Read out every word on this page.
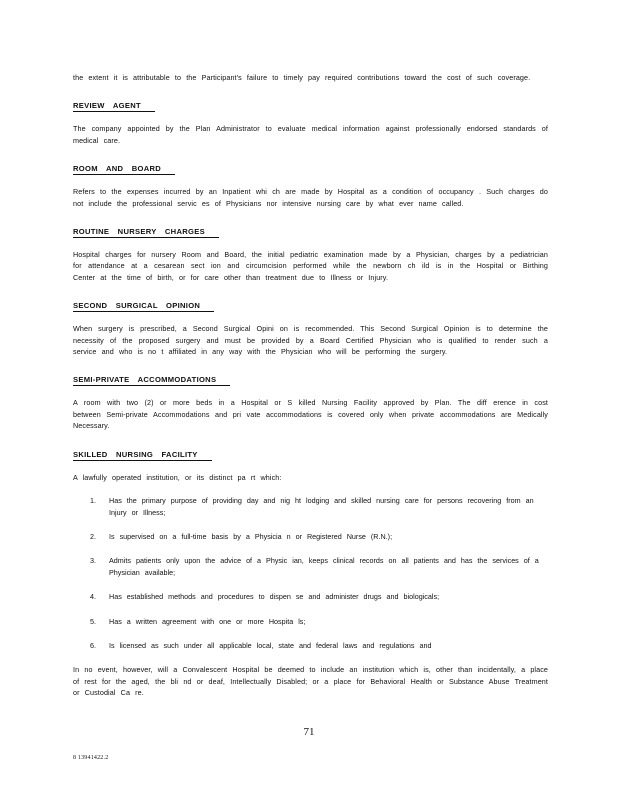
the extent it is attributable to the Participant's failure to timely pay required contributions toward the cost of such coverage.

REVIEW AGENT

The company appointed by the Plan Administrator to evaluate medical information against professionally endorsed standards of medical care.

ROOM AND BOARD

Refers to the expenses incurred by an Inpatient whi ch are made by Hospital as a condition of occupancy . Such charges do not include the professional servic es of Physicians nor intensive nursing care by what ever name called.

ROUTINE NURSERY CHARGES

Hospital charges for nursery Room and Board, the initial pediatric examination made by a Physician, charges by a pediatrician for attendance at a cesarean sect ion and circumcision performed while the newborn ch ild is in the Hospital or Birthing Center at the time of birth, or for care other than treatment due to Illness or Injury.

SECOND SURGICAL OPINION

When surgery is prescribed, a Second Surgical Opini on is recommended. This Second Surgical Opinion is to determine the necessity of the proposed surgery and must be provided by a Board Certified Physician who is qualified to render such a service and who is no t affiliated in any way with the Physician who will be performing the surgery.

SEMI-PRIVATE ACCOMMODATIONS

A room with two (2) or more beds in a Hospital or S killed Nursing Facility approved by Plan. The diff erence in cost between Semi-private Accommodations and pri vate accommodations is covered only when private accommodations are Medically Necessary.

SKILLED NURSING FACILITY

A lawfully operated institution, or its distinct pa rt which:

1. Has the primary purpose of providing day and nig ht lodging and skilled nursing care for persons recovering from an Injury or Illness;
2. Is supervised on a full-time basis by a Physicia n or Registered Nurse (R.N.);
3. Admits patients only upon the advice of a Physic ian, keeps clinical records on all patients and has the services of a Physician available;
4. Has established methods and procedures to dispen se and administer drugs and biologicals;
5. Has a written agreement with one or more Hospita ls;
6. Is licensed as such under all applicable local, state and federal laws and regulations and

In no event, however, will a Convalescent Hospital be deemed to include an institution which is, other than incidentally, a place of rest for the aged, the bli nd or deaf, Intellectually Disabled; or a place for Behavioral Health or Substance Abuse Treatment or Custodial Ca re.

71
8 13941422.2
